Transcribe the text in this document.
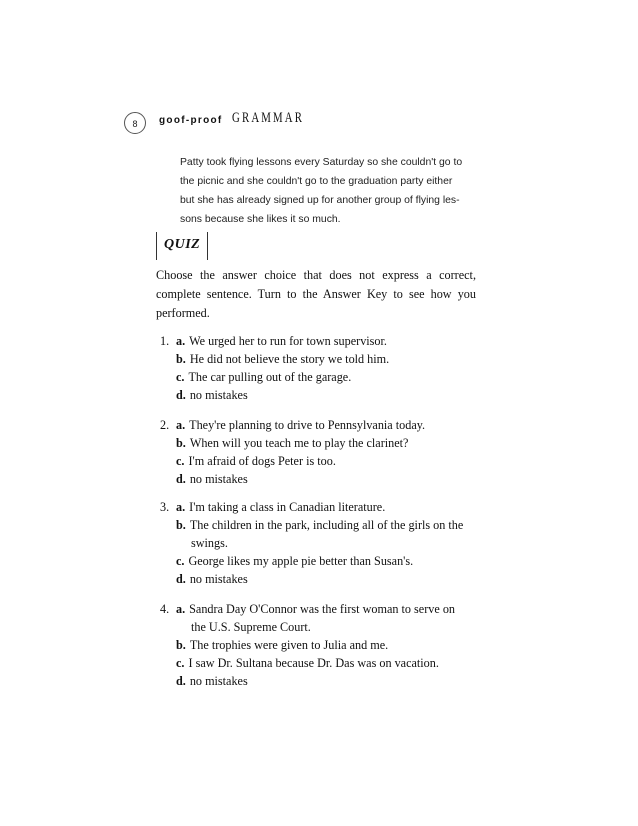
8	goof-proof GRAMMAR
Patty took flying lessons every Saturday so she couldn't go to
the picnic and she couldn't go to the graduation party either
but she has already signed up for another group of flying les-
sons because she likes it so much.
QUIZ
Choose the answer choice that does not express a correct, complete sentence. Turn to the Answer Key to see how you performed.
1. a. We urged her to run for town supervisor.
b. He did not believe the story we told him.
c. The car pulling out of the garage.
d. no mistakes
2. a. They're planning to drive to Pennsylvania today.
b. When will you teach me to play the clarinet?
c. I'm afraid of dogs Peter is too.
d. no mistakes
3. a. I'm taking a class in Canadian literature.
b. The children in the park, including all of the girls on the
swings.
c. George likes my apple pie better than Susan's.
d. no mistakes
4. a. Sandra Day O'Connor was the first woman to serve on
the U.S. Supreme Court.
b. The trophies were given to Julia and me.
c. I saw Dr. Sultana because Dr. Das was on vacation.
d. no mistakes
